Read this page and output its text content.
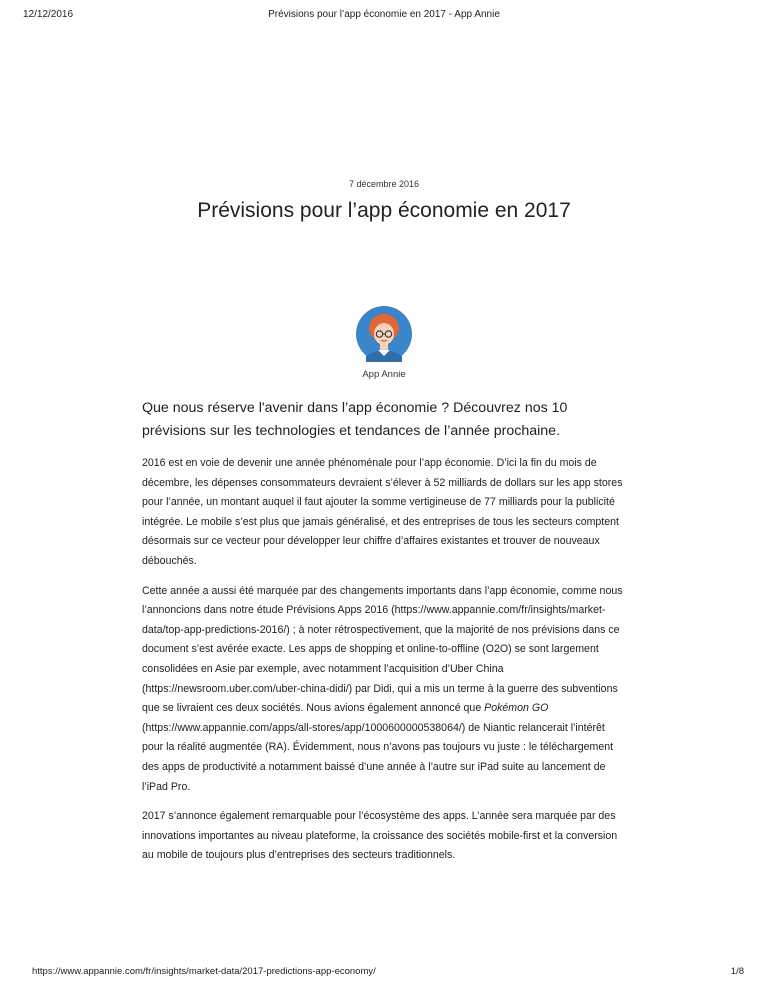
12/12/2016	Prévisions pour l’app économie en 2017 - App Annie
7 décembre 2016
Prévisions pour l’app économie en 2017
App Annie

Que nous réserve l'avenir dans l’app économie ? Découvrez nos 10 prévisions sur les technologies et tendances de l’année prochaine.

2016 est en voie de devenir une année phénoménale pour l’app économie. D’ici la fin du mois de décembre, les dépenses consommateurs devraient s’élever à 52 milliards de dollars sur les app stores pour l’année, un montant auquel il faut ajouter la somme vertigineuse de 77 milliards pour la publicité intégrée. Le mobile s’est plus que jamais généralisé, et des entreprises de tous les secteurs comptent désormais sur ce vecteur pour développer leur chiffre d’affaires existantes et trouver de nouveaux débouchés.

Cette année a aussi été marquée par des changements importants dans l’app économie, comme nous l’annoncions dans notre étude Prévisions Apps 2016 (https://www.appannie.com/fr/insights/market-data/top-app-predictions-2016/) ; à noter rétrospectivement, que la majorité de nos prévisions dans ce document s’est avérée exacte. Les apps de shopping et online-to-offline (O2O) se sont largement consolidées en Asie par exemple, avec notamment l’acquisition d’Uber China (https://newsroom.uber.com/uber-china-didi/) par Didi, qui a mis un terme à la guerre des subventions que se livraient ces deux sociétés. Nous avions également annoncé que Pokémon GO (https://www.appannie.com/apps/all-stores/app/1000600000538064/) de Niantic relancerait l’intérêt pour la réalité augmentée (RA). Évidemment, nous n’avons pas toujours vu juste : le téléchargement des apps de productivité a notamment baissé d’une année à l’autre sur iPad suite au lancement de l’iPad Pro.

2017 s’annonce également remarquable pour l’écosystème des apps. L’année sera marquée par des innovations importantes au niveau plateforme, la croissance des sociétés mobile-first et la conversion au mobile de toujours plus d’entreprises des secteurs traditionnels.

https://www.appannie.com/fr/insights/market-data/2017-predictions-app-economy/	1/8
